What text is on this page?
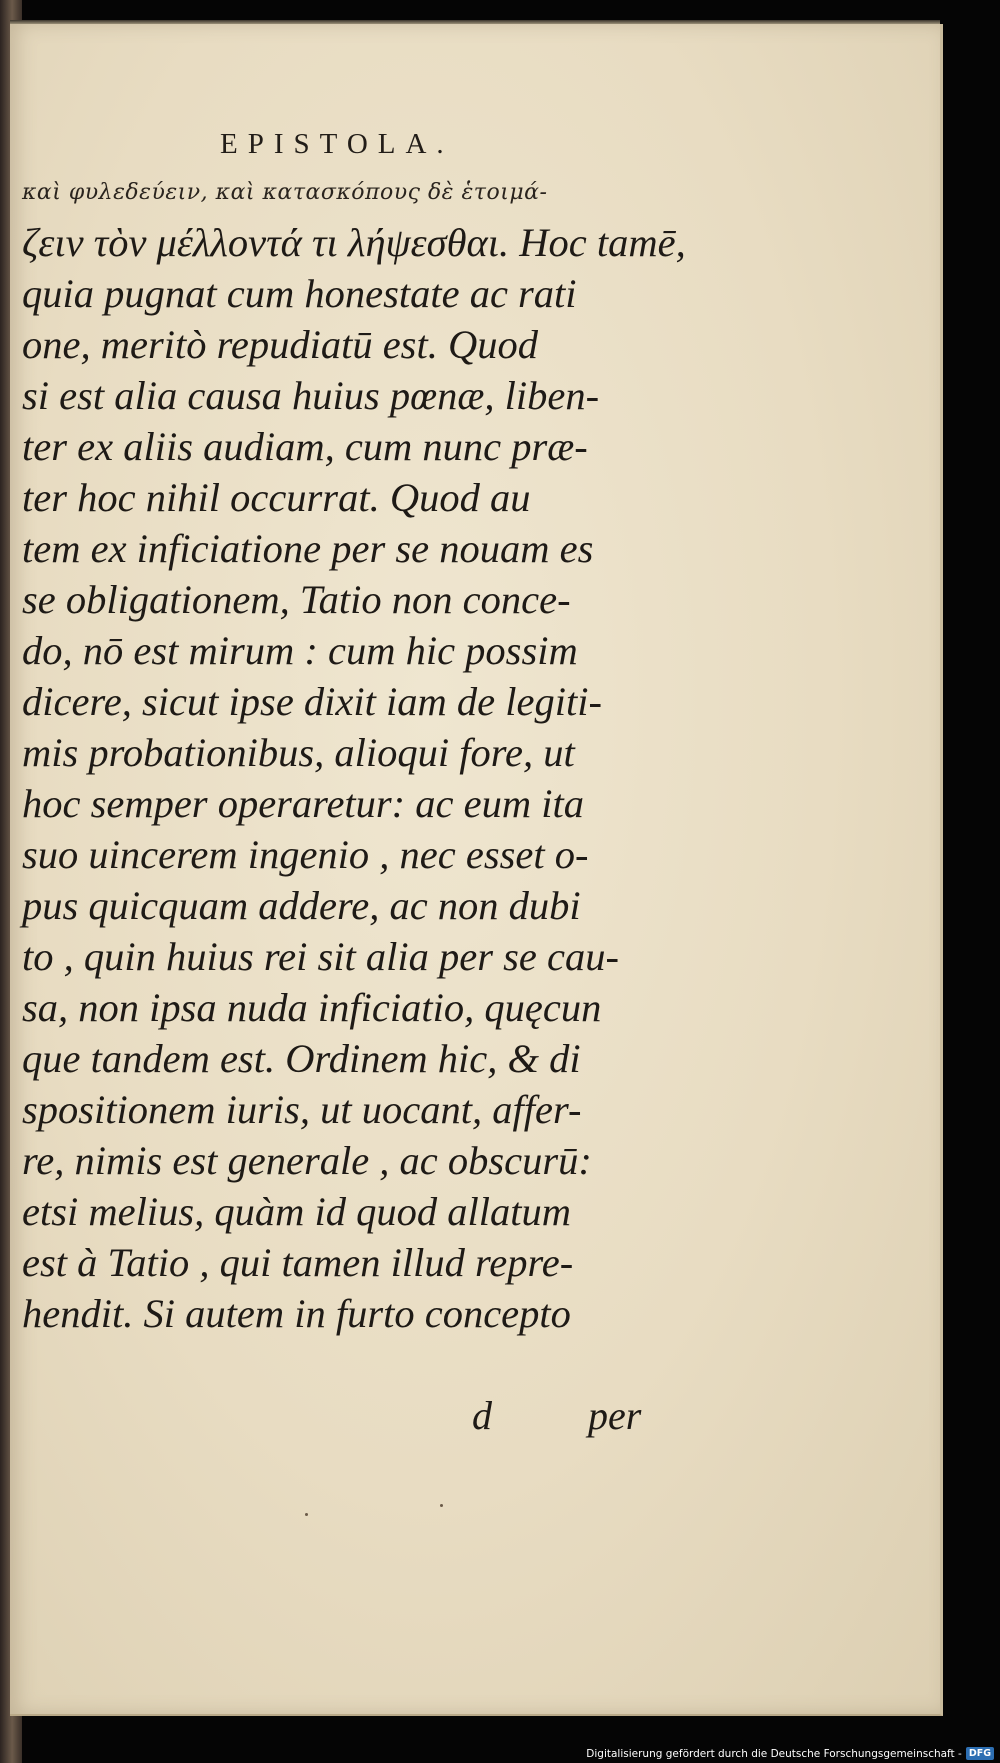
EPISTOLA.
καὶ φυλεδεύειν, καὶ κατασκόπους δὲ ἑτοιμά-
ζειν τὸν μέλλοντά τι λήψεσθαι. Hoc tamē,
quia pugnat cum honestate ac rati
one, meritò repudiatū est. Quod
si est alia causa huius pœnæ, liben-
ter ex aliis audiam, cum nunc præ-
ter hoc nihil occurrat. Quod au
tem ex inficiatione per se nouam es
se obligationem, Tatio non conce-
do, nō est mirum : cum hic possim
dicere, sicut ipse dixit iam de legiti-
mis probationibus, alioqui fore, ut
hoc semper operaretur: ac eum ita
suo uincerem ingenio , nec esset o-
pus quicquam addere, ac non dubi
to , quin huius rei sit alia per se cau-
sa, non ipsa nuda inficiatio, quęcun
que tandem est. Ordinem hic, & di
spositionem iuris, ut uocant, affer-
re, nimis est generale , ac obscurū:
etsi melius, quàm id quod allatum
est à Tatio , qui tamen illud repre-
hendit. Si autem in furto concepto
d per
Digitalisierung gefördert durch die Deutsche Forschungsgemeinschaft - DFG
